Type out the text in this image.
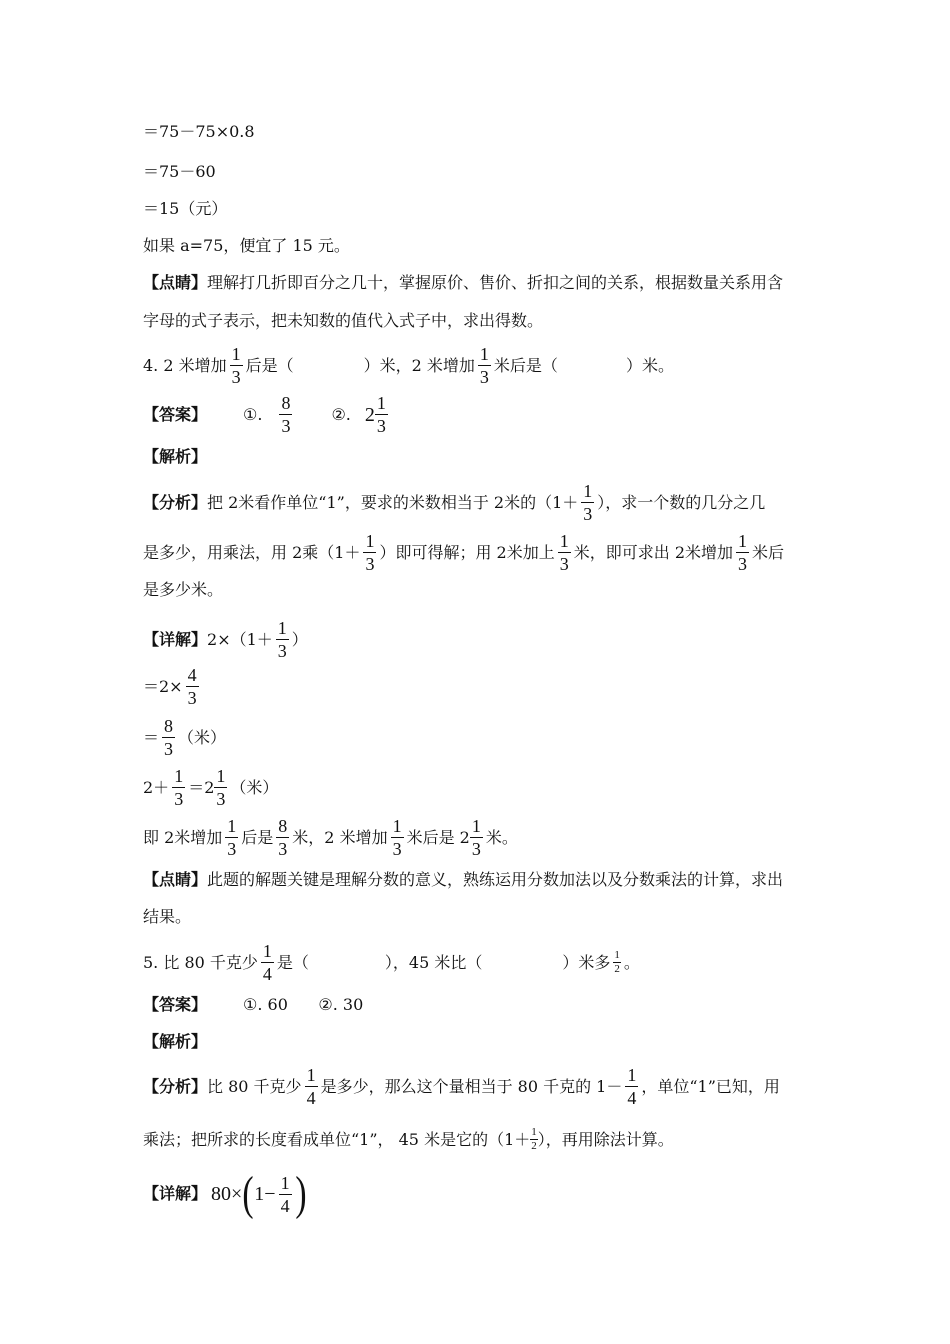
＝75－75×0.8
＝75－60
＝15（元）
如果 a=75，便宜了 15 元。
【点睛】 理解打几折即百分之几十，掌握原价、售价、折扣之间的关系，根据数量关系用含
字母的式子表示，把未知数的值代入式子中，求出得数。
4. 2 米增加 $\frac{1}{3}$ 后是（	）米，2 米增加 $\frac{1}{3}$ 米后是（	）米。
【答案】 ①. $\frac{8}{3}$ ②. $2 \frac{1}{3}$
【解析】
【分析】 把 2米看作单位“1”，要求的米数相当于 2米的（$1+ \frac{1}{3}$ ），求一个数的几分之几
是多少，用乘法，用 2乘（$1+ \frac{1}{3}$ ）即可得解；用 2米加上 $\frac{1}{3}$ 米，即可求出 2米增加 $\frac{1}{3}$ 米后
是多少米。
【详解】 $2\times(1+ \frac{1}{3}$ ）
$=2\times \frac{4}{3}$
＝ $\frac{8}{3}$ （米）
$2+ \frac{1}{3} =2 \frac{1}{3}$ （米）
即 2米增加 $\frac{1}{3}$ 后是 $\frac{8}{3}$ 米，2 米增加 $\frac{1}{3}$ 米后是 $2 \frac{1}{3}$ 米。
【点睛】 此题的解题关键是理解分数的意义，熟练运用分数加法以及分数乘法的计算，求出
结果。
5. 比 80 千克少 $\frac{1}{4}$ 是（	），45 米比（	）米多 $\frac{1}{2}$ 。
【答案】 ①. 60      ②. 30
【解析】
【分析】 比 80 千克少 $\frac{1}{4}$ 是多少，那么这个量相当于 80 千克的 $1- \frac{1}{4}$ ，单位“1”已知，用
乘法；把所求的长度看成单位“1”， 45 米是它的（$1+ \frac{1}{2}$ ），再用除法计算。
【详解】 80× ( $1 - \frac{1}{4}$ )
